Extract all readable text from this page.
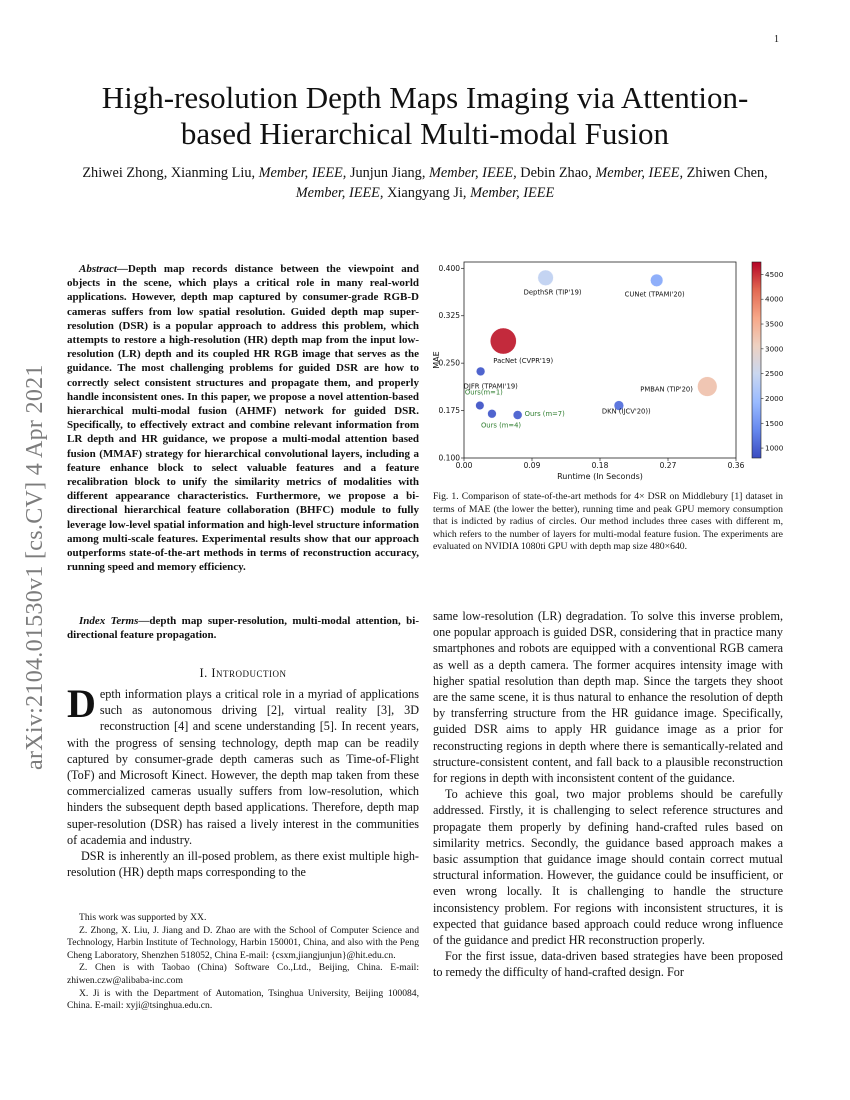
1
arXiv:2104.01530v1 [cs.CV] 4 Apr 2021
High-resolution Depth Maps Imaging via Attention-based Hierarchical Multi-modal Fusion
Zhiwei Zhong, Xianming Liu, Member, IEEE, Junjun Jiang, Member, IEEE, Debin Zhao, Member, IEEE, Zhiwen Chen, Member, IEEE, Xiangyang Ji, Member, IEEE
Abstract—Depth map records distance between the viewpoint and objects in the scene, which plays a critical role in many real-world applications. However, depth map captured by consumer-grade RGB-D cameras suffers from low spatial resolution. Guided depth map super-resolution (DSR) is a popular approach to address this problem, which attempts to restore a high-resolution (HR) depth map from the input low-resolution (LR) depth and its coupled HR RGB image that serves as the guidance. The most challenging problems for guided DSR are how to correctly select consistent structures and propagate them, and properly handle inconsistent ones. In this paper, we propose a novel attention-based hierarchical multi-modal fusion (AHMF) network for guided DSR. Specifically, to effectively extract and combine relevant information from LR depth and HR guidance, we propose a multi-modal attention based fusion (MMAF) strategy for hierarchical convolutional layers, including a feature enhance block to select valuable features and a feature recalibration block to unify the similarity metrics of modalities with different appearance characteristics. Furthermore, we propose a bi-directional hierarchical feature collaboration (BHFC) module to fully leverage low-level spatial information and high-level structure information among multi-scale features. Experimental results show that our approach outperforms state-of-the-art methods in terms of reconstruction accuracy, running speed and memory efficiency.
Index Terms—depth map super-resolution, multi-modal attention, bi-directional feature propagation.
I. Introduction

Depth information plays a critical role in a myriad of applications such as autonomous driving [2], virtual reality [3], 3D reconstruction [4] and scene understanding [5]. In recent years, with the progress of sensing technology, depth map can be readily captured by consumer-grade depth cameras such as Time-of-Flight (ToF) and Microsoft Kinect. However, the depth map taken from these commercialized cameras usually suffers from low-resolution, which hinders the subsequent depth based applications. Therefore, depth map super-resolution (DSR) has raised a lively interest in the communities of academia and industry.

DSR is inherently an ill-posed problem, as there exist multiple high-resolution (HR) depth maps corresponding to the

This work was supported by XX.

Z. Zhong, X. Liu, J. Jiang and D. Zhao are with the School of Computer Science and Technology, Harbin Institute of Technology, Harbin 150001, China, and also with the Peng Cheng Laboratory, Shenzhen 518052, China E-mail: {csxm,jiangjunjun}@hit.edu.cn.

Z. Chen is with Taobao (China) Software Co.,Ltd., Beijing, China. E-mail: zhiwen.czw@alibaba-inc.com

X. Ji is with the Department of Automation, Tsinghua University, Beijing 100084, China. E-mail: xyji@tsinghua.edu.cn.

0.00	0.09	0.18	0.27	0.36
0.100
0.175
0.250
0.325
0.400
Runtime (In Seconds)
MAE
DepthSR (TIP'19)	CUNet (TPAMI'20)
PacNet (CVPR'19)
DJFR (TPAMI'19)	PMBAN (TIP'20)
DKN (IJCV'20))
Ours(m=1)
Ours (m=4)
Ours (m=7)
1000
1500
2000
2500
3000
3500
4000
4500
Fig. 1. Comparison of state-of-the-art methods for 4× DSR on Middlebury [1] dataset in terms of MAE (the lower the better), running time and peak GPU memory consumption that is indicted by radius of circles. Our method includes three cases with different m, which refers to the number of layers for multi-modal feature fusion. The experiments are evaluated on NVIDIA 1080ti GPU with depth map size 480×640.

same low-resolution (LR) degradation. To solve this inverse problem, one popular approach is guided DSR, considering that in practice many smartphones and robots are equipped with a conventional RGB camera as well as a depth camera. The former acquires intensity image with higher spatial resolution than depth map. Since the targets they shoot are the same scene, it is thus natural to enhance the resolution of depth by transferring structure from the HR guidance image. Specifically, guided DSR aims to apply HR guidance image as a prior for reconstructing regions in depth where there is semantically-related and structure-consistent content, and fall back to a plausible reconstruction for regions in depth with inconsistent content of the guidance.

To achieve this goal, two major problems should be carefully addressed. Firstly, it is challenging to select reference structures and propagate them properly by defining hand-crafted rules based on similarity metrics. Secondly, the guidance based approach makes a basic assumption that guidance image should contain correct mutual structural information. However, the guidance could be insufficient, or even wrong locally. It is challenging to handle the structure inconsistency problem. For regions with inconsistent structures, it is expected that guidance based approach could reduce wrong influence of the guidance and predict HR reconstruction properly.

For the first issue, data-driven based strategies have been proposed to remedy the difficulty of hand-crafted design. For
